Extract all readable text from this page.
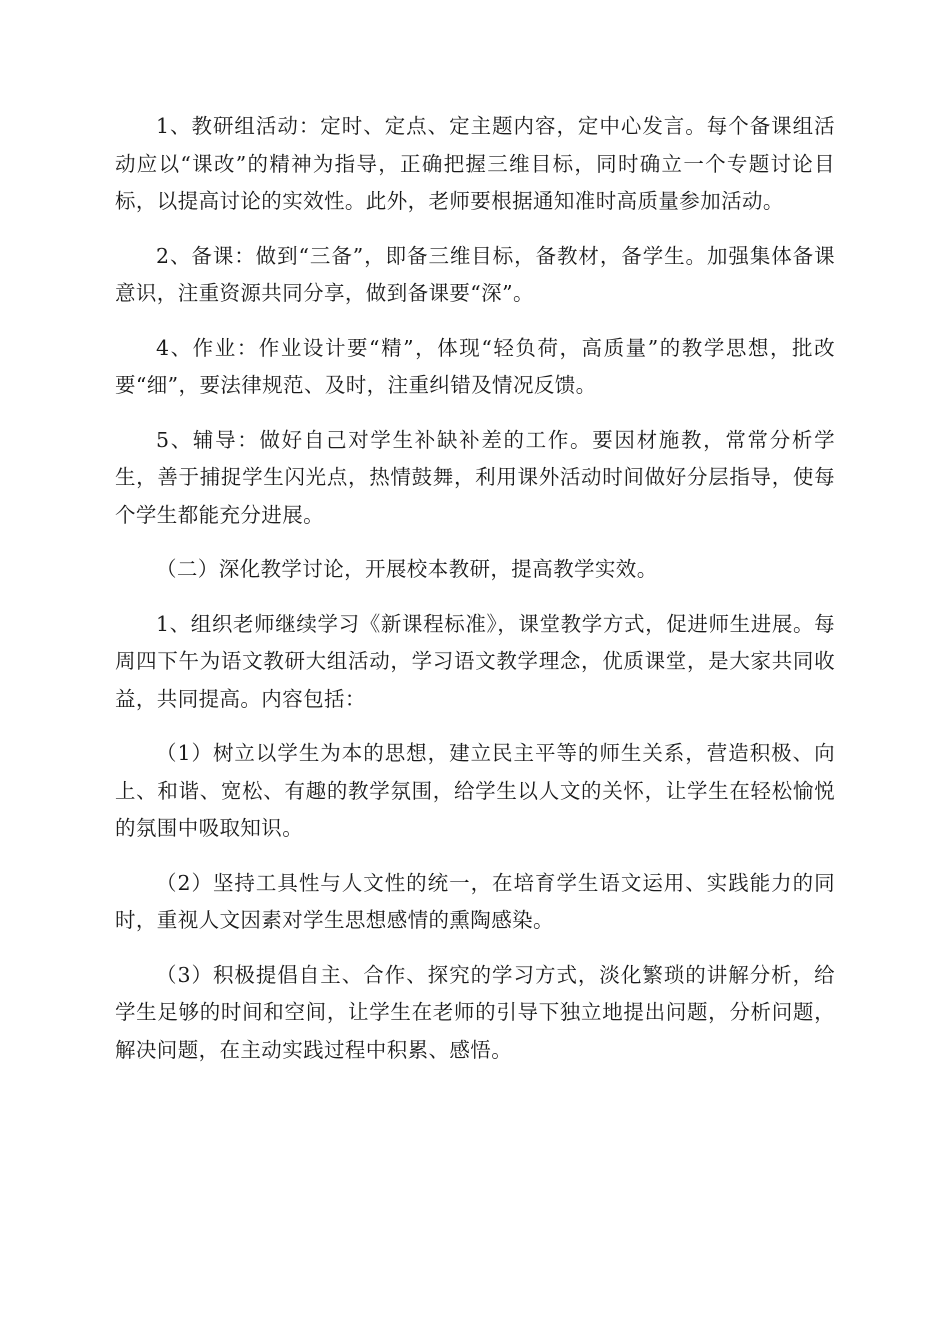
1、教研组活动：定时、定点、定主题内容，定中心发言。每个备课组活动应以“课改”的精神为指导，正确把握三维目标，同时确立一个专题讨论目标，以提高讨论的实效性。此外，老师要根据通知准时高质量参加活动。

2、备课：做到“三备”，即备三维目标，备教材，备学生。加强集体备课意识，注重资源共同分享，做到备课要“深”。

4、作业：作业设计要“精”，体现“轻负荷，高质量”的教学思想，批改要“细”，要法律规范、及时，注重纠错及情况反馈。

5、辅导：做好自己对学生补缺补差的工作。要因材施教，常常分析学生，善于捕捉学生闪光点，热情鼓舞，利用课外活动时间做好分层指导，使每个学生都能充分进展。

（二）深化教学讨论，开展校本教研，提高教学实效。

1、组织老师继续学习《新课程标准》，课堂教学方式，促进师生进展。每周四下午为语文教研大组活动，学习语文教学理念，优质课堂，是大家共同收益，共同提高。内容包括：

（1）树立以学生为本的思想，建立民主平等的师生关系，营造积极、向上、和谐、宽松、有趣的教学氛围，给学生以人文的关怀，让学生在轻松愉悦的氛围中吸取知识。

（2）坚持工具性与人文性的统一，在培育学生语文运用、实践能力的同时，重视人文因素对学生思想感情的熏陶感染。

（3）积极提倡自主、合作、探究的学习方式，淡化繁琐的讲解分析，给学生足够的时间和空间，让学生在老师的引导下独立地提出问题，分析问题，解决问题，在主动实践过程中积累、感悟。
